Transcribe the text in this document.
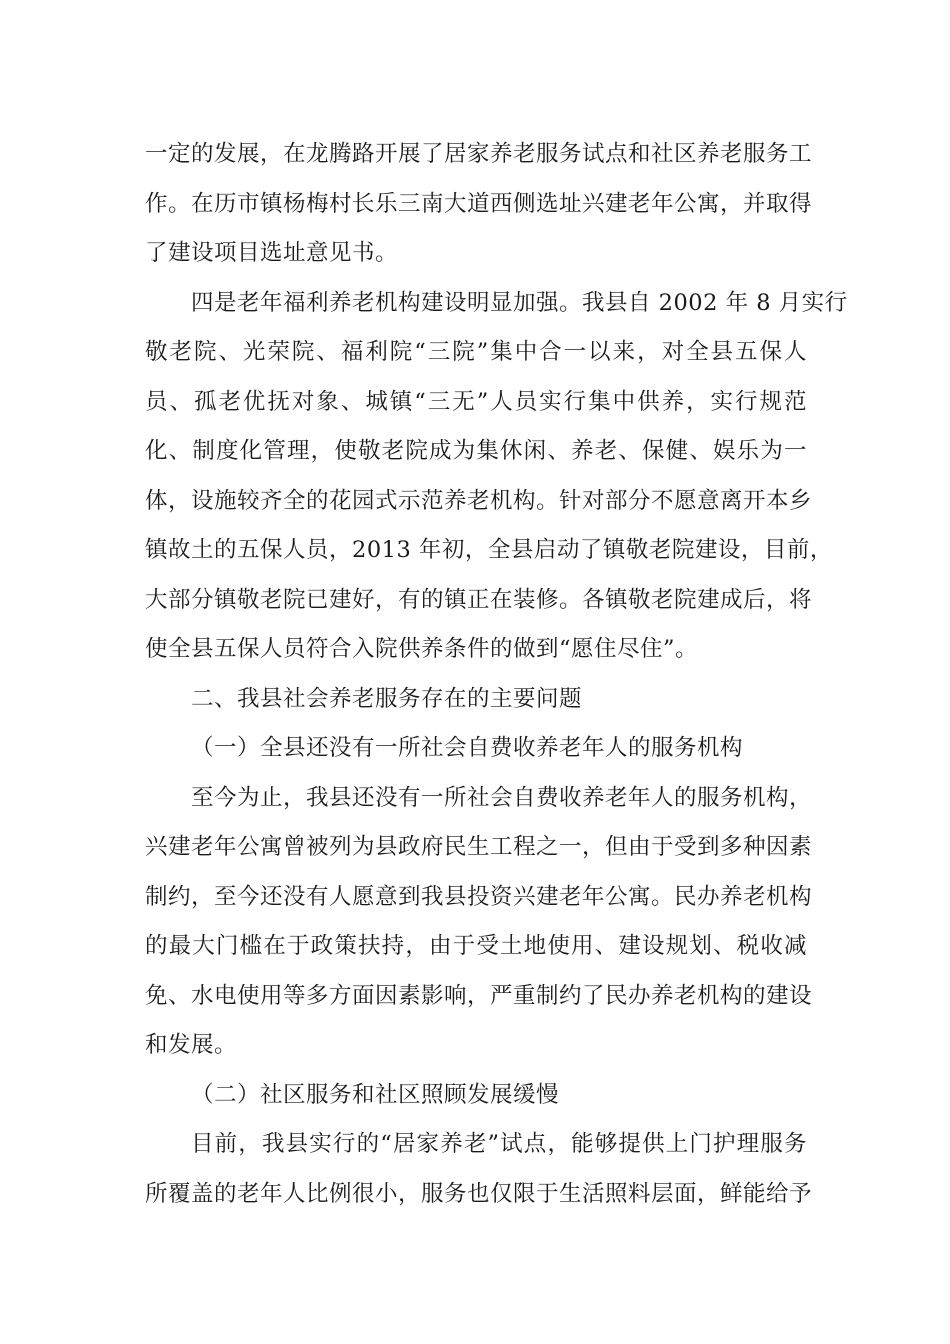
一定的发展，在龙腾路开展了居家养老服务试点和社区养老服务工
作。在历市镇杨梅村长乐三南大道西侧选址兴建老年公寓，并取得
了建设项目选址意见书。
四是老年福利养老机构建设明显加强。我县自 2002 年 8 月实行
敬老院、光荣院、福利院“三院”集中合一以来，对全县五保人
员、孤老优抚对象、城镇“三无”人员实行集中供养，实行规范
化、制度化管理，使敬老院成为集休闲、养老、保健、娱乐为一
体，设施较齐全的花园式示范养老机构。针对部分不愿意离开本乡
镇故土的五保人员，2013 年初，全县启动了镇敬老院建设，目前，
大部分镇敬老院已建好，有的镇正在装修。各镇敬老院建成后，将
使全县五保人员符合入院供养条件的做到“愿住尽住”。
二、我县社会养老服务存在的主要问题
（一）全县还没有一所社会自费收养老年人的服务机构
至今为止，我县还没有一所社会自费收养老年人的服务机构，
兴建老年公寓曾被列为县政府民生工程之一，但由于受到多种因素
制约，至今还没有人愿意到我县投资兴建老年公寓。民办养老机构
的最大门槛在于政策扶持，由于受土地使用、建设规划、税收减
免、水电使用等多方面因素影响，严重制约了民办养老机构的建设
和发展。
（二）社区服务和社区照顾发展缓慢
目前，我县实行的“居家养老”试点，能够提供上门护理服务
所覆盖的老年人比例很小，服务也仅限于生活照料层面，鲜能给予
